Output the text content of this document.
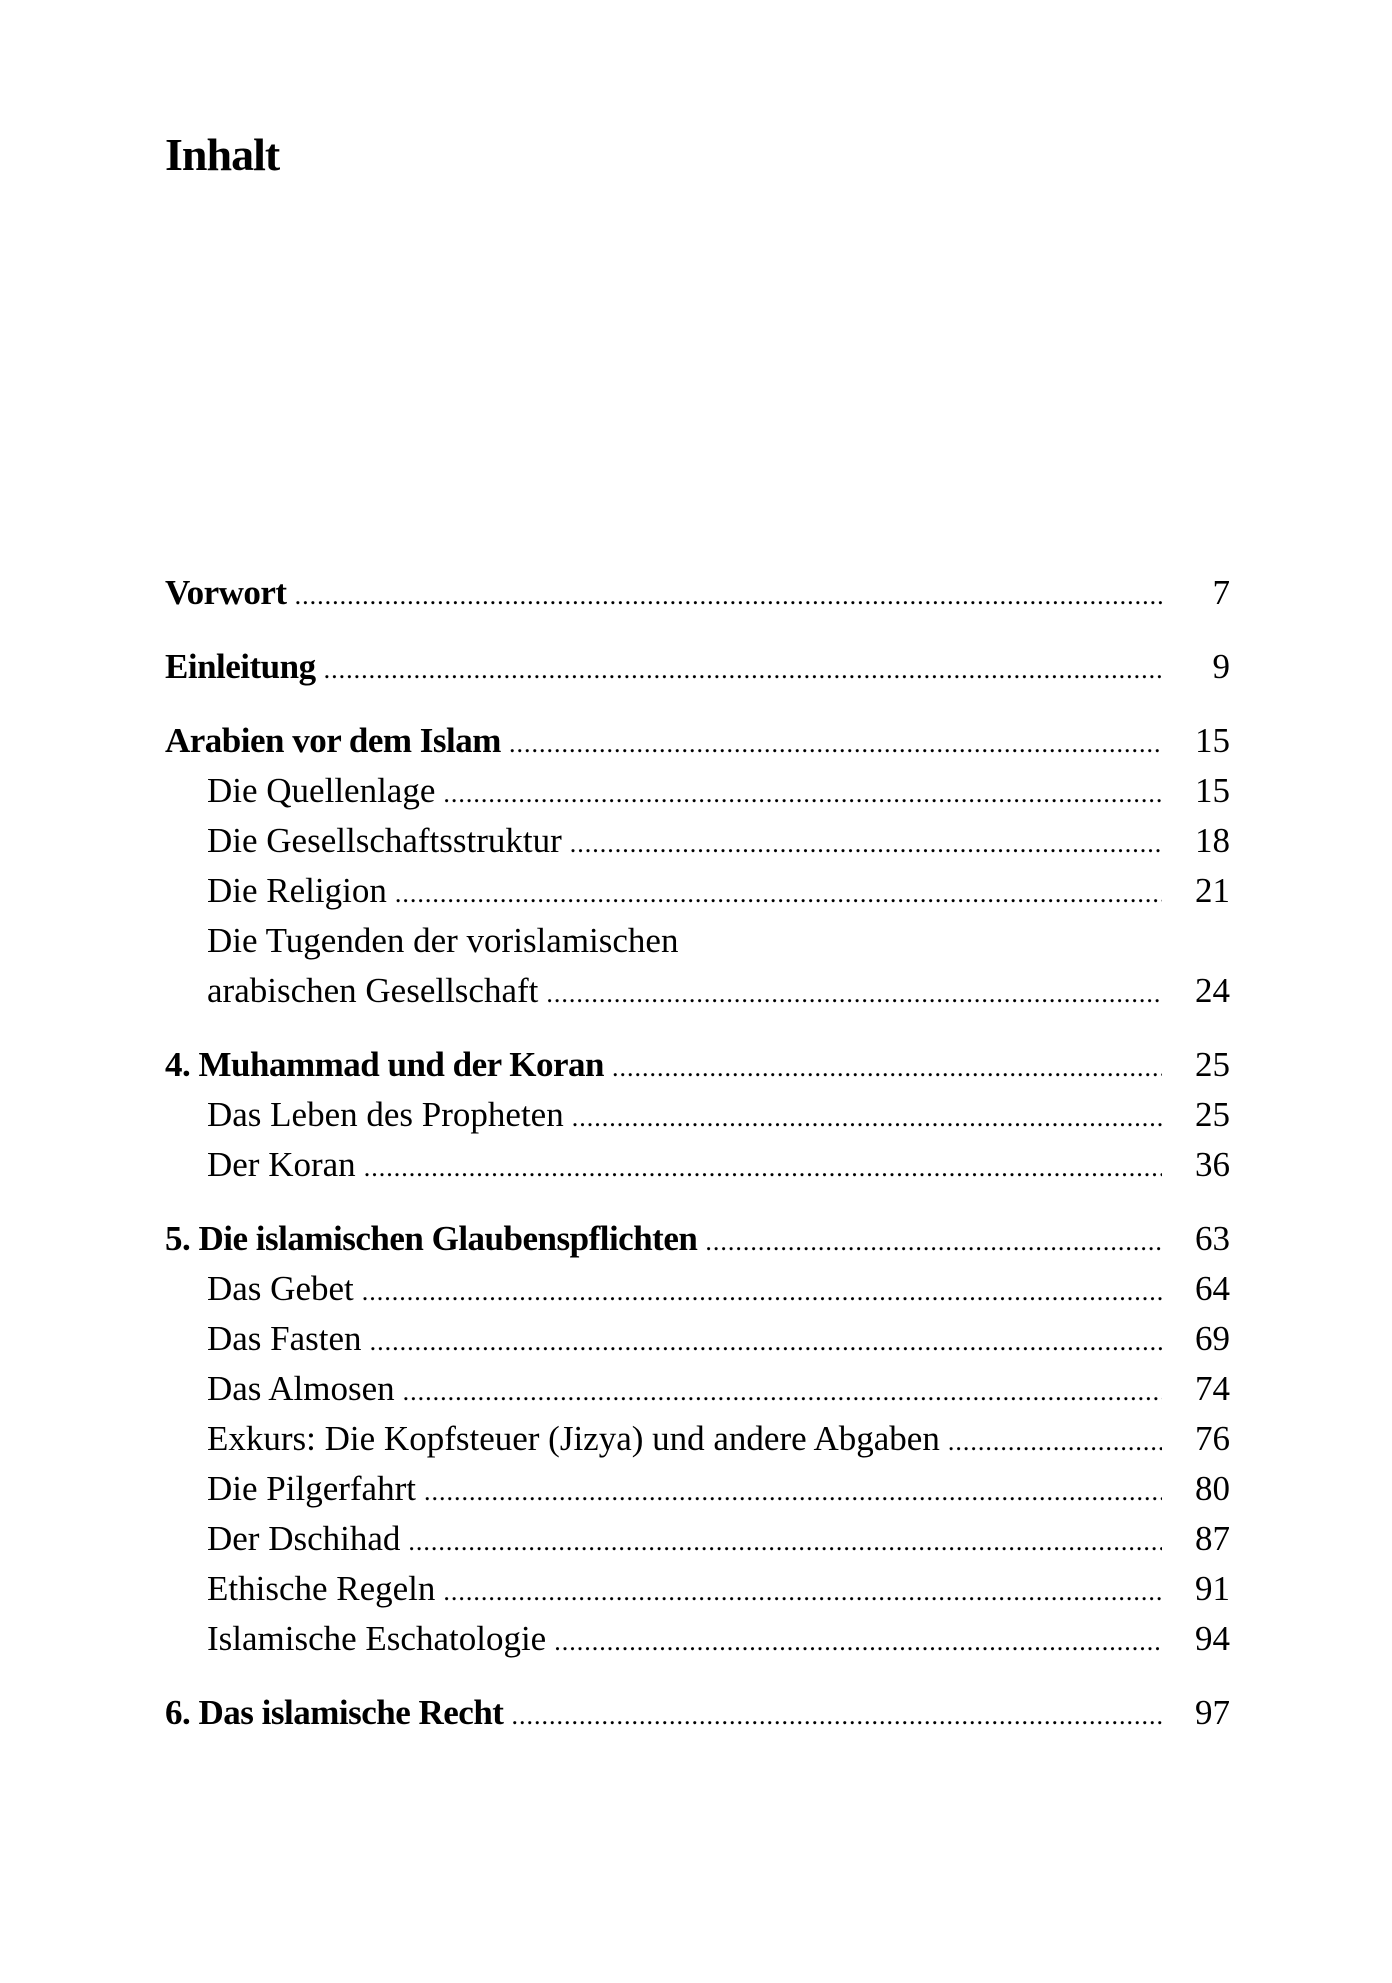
Inhalt
Vorwort .....	7
Einleitung .....	9
Arabien vor dem Islam .....	15
Die Quellenlage .....	15
Die Gesellschaftsstruktur .....	18
Die Religion .....	21
Die Tugenden der vorislamischen
arabischen Gesellschaft .....	24
4. Muhammad und der Koran .....	25
Das Leben des Propheten .....	25
Der Koran .....	36
5. Die islamischen Glaubenspflichten .....	63
Das Gebet .....	64
Das Fasten .....	69
Das Almosen .....	74
Exkurs: Die Kopfsteuer (Jizya) und andere Abgaben .....	76
Die Pilgerfahrt .....	80
Der Dschihad .....	87
Ethische Regeln .....	91
Islamische Eschatologie .....	94
6. Das islamische Recht .....	97
